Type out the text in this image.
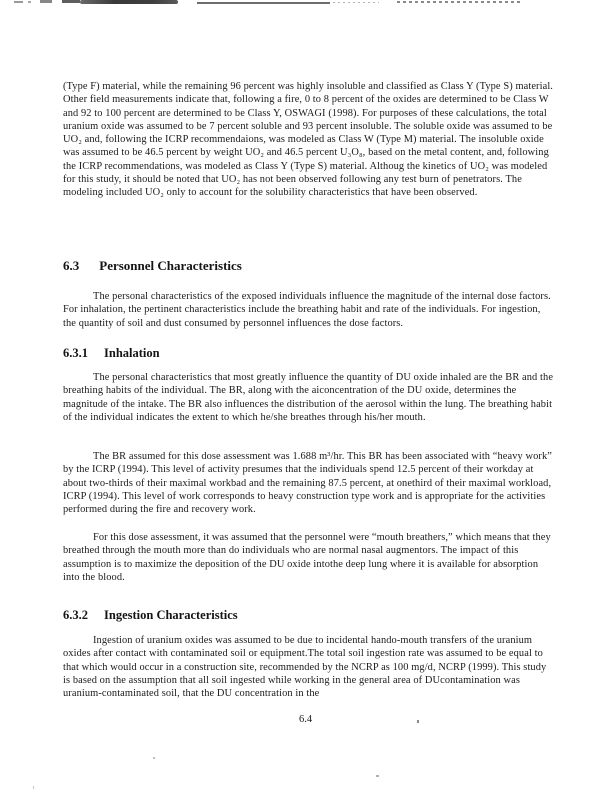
(Type F) material, while the remaining 96 percent was highly insoluble and classified as Class Y (Type S) material. Other field measurements indicate that, following a fire, 0 to 8 percent of the oxides are determined to be Class W and 92 to 100 percent are determined to be Class Y, OSWAGI (1998). For purposes of these calculations, the total uranium oxide was assumed to be 7 percent soluble and 93 percent insoluble. The soluble oxide was assumed to be UO₂ and, following the ICRP recommendaions, was modeled as Class W (Type M) material. The insoluble oxide was assumed to be 46.5 percent by weight UO₂ and 46.5 percent U₃O₈, based on the metal content, and, following the ICRP recommendations, was modeled as Class Y (Type S) material. Althoug the kinetics of UO₂ was modeled for this study, it should be noted that UO₂ has not been observed following any test burn of penetrators. The modeling included UO₂ only to account for the solubility characteristics that have been observed.

6.3 Personnel Characteristics

The personal characteristics of the exposed individuals influence the magnitude of the internal dose factors. For inhalation, the pertinent characteristics include the breathing habit and rate of the individuals. For ingestion, the quantity of soil and dust consumed by personnel influences the dose factors.

6.3.1 Inhalation

The personal characteristics that most greatly influence the quantity of DU oxide inhaled are the BR and the breathing habits of the individual. The BR, along with the aiconcentration of the DU oxide, determines the magnitude of the intake. The BR also influences the distribution of the aerosol within the lung. The breathing habit of the individual indicates the extent to which he/she breathes through his/her mouth.

The BR assumed for this dose assessment was 1.688 m³/hr. This BR has been associated with “heavy work” by the ICRP (1994). This level of activity presumes that the individuals spend 12.5 percent of their workday at about two-thirds of their maximal workbad and the remaining 87.5 percent, at onethird of their maximal workload, ICRP (1994). This level of work corresponds to heavy construction type work and is appropriate for the activities performed during the fire and recovery work.

For this dose assessment, it was assumed that the personnel were “mouth breathers,” which means that they breathed through the mouth more than do individuals who are normal nasal augmentors. The impact of this assumption is to maximize the deposition of the DU oxide intothe deep lung where it is available for absorption into the blood.

6.3.2 Ingestion Characteristics

Ingestion of uranium oxides was assumed to be due to incidental hando-mouth transfers of the uranium oxides after contact with contaminated soil or equipment.The total soil ingestion rate was assumed to be equal to that which would occur in a construction site, recommended by the NCRP as 100 mg/d, NCRP (1999). This study is based on the assumption that all soil ingested while working in the general area of DUcontamination was uranium-contaminated soil, that the DU concentration in the

6.4
